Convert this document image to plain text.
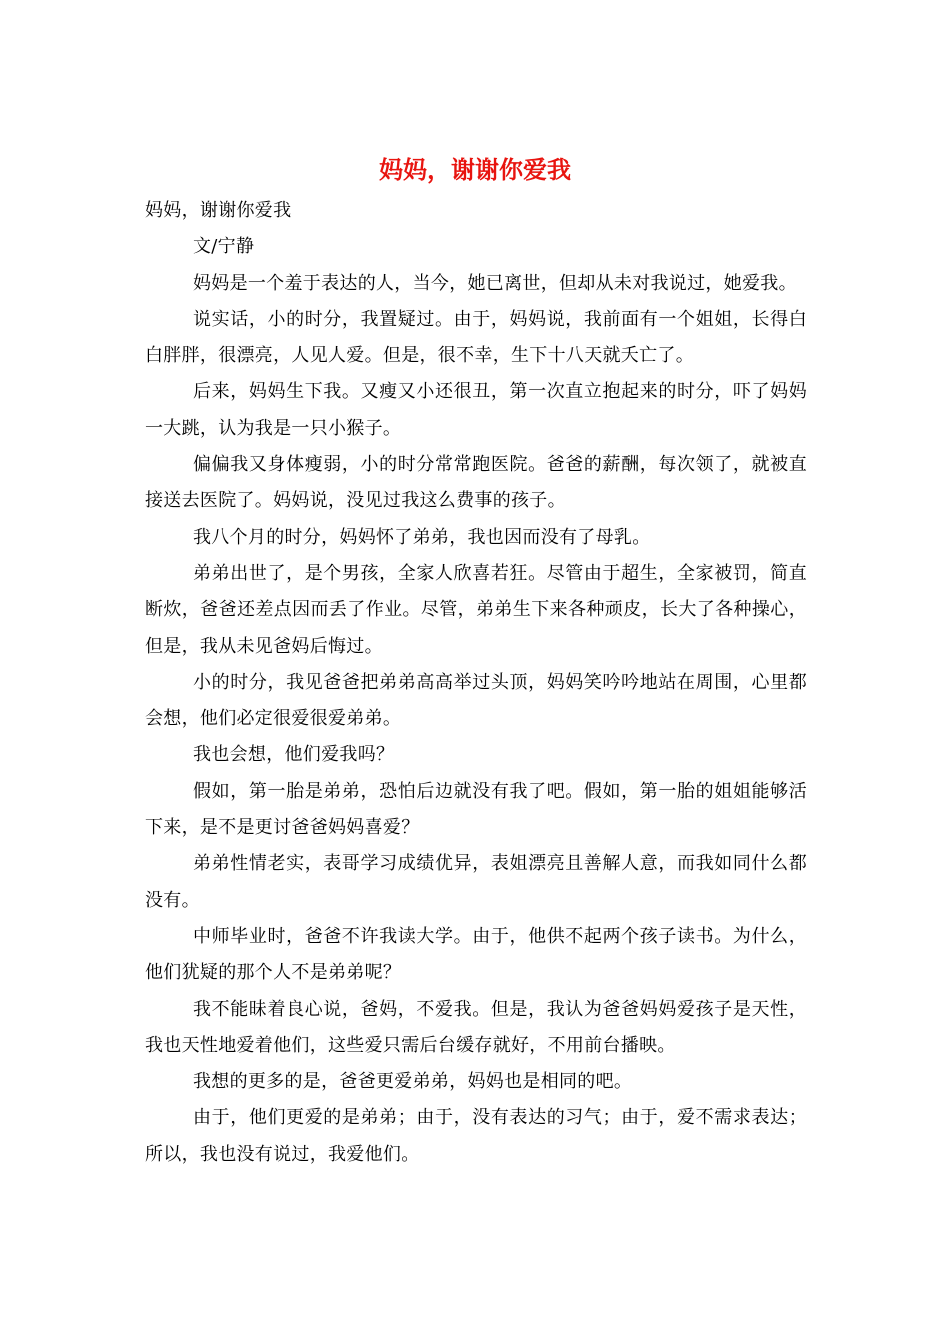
妈妈，谢谢你爱我

妈妈，谢谢你爱我

文/宁静

妈妈是一个羞于表达的人，当今，她已离世，但却从未对我说过，她爱我。

说实话，小的时分，我置疑过。由于，妈妈说，我前面有一个姐姐，长得白白胖胖，很漂亮，人见人爱。但是，很不幸，生下十八天就夭亡了。

后来，妈妈生下我。又瘦又小还很丑，第一次直立抱起来的时分，吓了妈妈一大跳，认为我是一只小猴子。

偏偏我又身体瘦弱，小的时分常常跑医院。爸爸的薪酬，每次领了，就被直接送去医院了。妈妈说，没见过我这么费事的孩子。

我八个月的时分，妈妈怀了弟弟，我也因而没有了母乳。

弟弟出世了，是个男孩，全家人欣喜若狂。尽管由于超生，全家被罚，简直断炊，爸爸还差点因而丢了作业。尽管，弟弟生下来各种顽皮，长大了各种操心，但是，我从未见爸妈后悔过。

小的时分，我见爸爸把弟弟高高举过头顶，妈妈笑吟吟地站在周围，心里都会想，他们必定很爱很爱弟弟。

我也会想，他们爱我吗？

假如，第一胎是弟弟，恐怕后边就没有我了吧。假如，第一胎的姐姐能够活下来，是不是更讨爸爸妈妈喜爱？

弟弟性情老实，表哥学习成绩优异，表姐漂亮且善解人意，而我如同什么都没有。

中师毕业时，爸爸不许我读大学。由于，他供不起两个孩子读书。为什么，他们犹疑的那个人不是弟弟呢？

我不能昧着良心说，爸妈，不爱我。但是，我认为爸爸妈妈爱孩子是天性，我也天性地爱着他们，这些爱只需后台缓存就好，不用前台播映。

我想的更多的是，爸爸更爱弟弟，妈妈也是相同的吧。

由于，他们更爱的是弟弟；由于，没有表达的习气；由于，爱不需求表达；所以，我也没有说过，我爱他们。
